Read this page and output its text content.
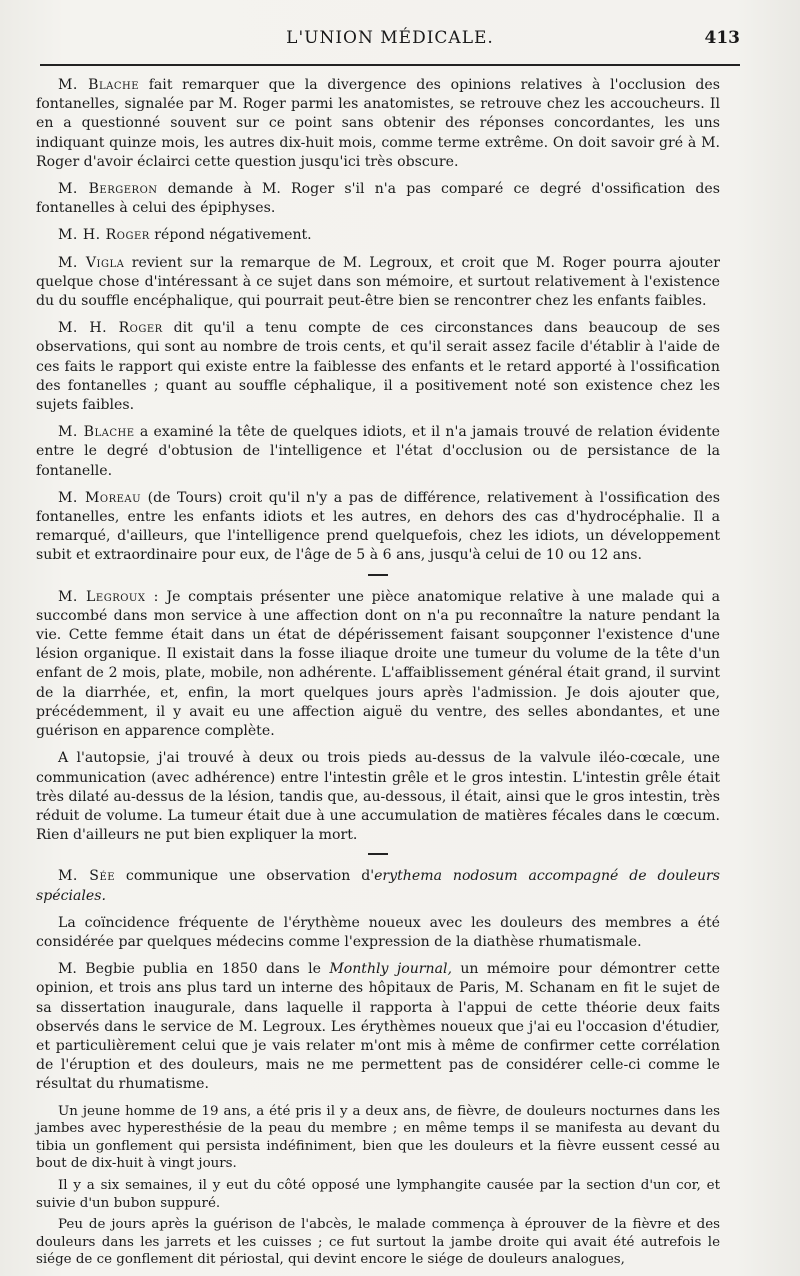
L'UNION MÉDICALE.	413

M. Blache fait remarquer que la divergence des opinions relatives à l'occlusion des fontanelles, signalée par M. Roger parmi les anatomistes, se retrouve chez les accoucheurs. Il en a questionné souvent sur ce point sans obtenir des réponses concordantes, les uns indiquant quinze mois, les autres dix-huit mois, comme terme extrême. On doit savoir gré à M. Roger d'avoir éclairci cette question jusqu'ici très obscure.

M. Bergeron demande à M. Roger s'il n'a pas comparé ce degré d'ossification des fontanelles à celui des épiphyses.

M. H. Roger répond négativement.

M. Vigla revient sur la remarque de M. Legroux, et croit que M. Roger pourra ajouter quelque chose d'intéressant à ce sujet dans son mémoire, et surtout relativement à l'existence du du souffle encéphalique, qui pourrait peut-être bien se rencontrer chez les enfants faibles.

M. H. Roger dit qu'il a tenu compte de ces circonstances dans beaucoup de ses observations, qui sont au nombre de trois cents, et qu'il serait assez facile d'établir à l'aide de ces faits le rapport qui existe entre la faiblesse des enfants et le retard apporté à l'ossification des fontanelles ; quant au souffle céphalique, il a positivement noté son existence chez les sujets faibles.

M. Blache a examiné la tête de quelques idiots, et il n'a jamais trouvé de relation évidente entre le degré d'obtusion de l'intelligence et l'état d'occlusion ou de persistance de la fontanelle.

M. Moreau (de Tours) croit qu'il n'y a pas de différence, relativement à l'ossification des fontanelles, entre les enfants idiots et les autres, en dehors des cas d'hydrocéphalie. Il a remarqué, d'ailleurs, que l'intelligence prend quelquefois, chez les idiots, un développement subit et extraordinaire pour eux, de l'âge de 5 à 6 ans, jusqu'à celui de 10 ou 12 ans.

M. Legroux : Je comptais présenter une pièce anatomique relative à une malade qui a succombé dans mon service à une affection dont on n'a pu reconnaître la nature pendant la vie. Cette femme était dans un état de dépérissement faisant soupçonner l'existence d'une lésion organique. Il existait dans la fosse iliaque droite une tumeur du volume de la tête d'un enfant de 2 mois, plate, mobile, non adhérente. L'affaiblissement général était grand, il survint de la diarrhée, et, enfin, la mort quelques jours après l'admission. Je dois ajouter que, précédemment, il y avait eu une affection aiguë du ventre, des selles abondantes, et une guérison en apparence complète.

A l'autopsie, j'ai trouvé à deux ou trois pieds au-dessus de la valvule iléo-cœcale, une communication (avec adhérence) entre l'intestin grêle et le gros intestin. L'intestin grêle était très dilaté au-dessus de la lésion, tandis que, au-dessous, il était, ainsi que le gros intestin, très réduit de volume. La tumeur était due à une accumulation de matières fécales dans le cœcum. Rien d'ailleurs ne put bien expliquer la mort.

M. Sée communique une observation d'erythema nodosum accompagné de douleurs spéciales.

La coïncidence fréquente de l'érythème noueux avec les douleurs des membres a été considérée par quelques médecins comme l'expression de la diathèse rhumatismale.

M. Begbie publia en 1850 dans le Monthly journal, un mémoire pour démontrer cette opinion, et trois ans plus tard un interne des hôpitaux de Paris, M. Schanam en fit le sujet de sa dissertation inaugurale, dans laquelle il rapporta à l'appui de cette théorie deux faits observés dans le service de M. Legroux. Les érythèmes noueux que j'ai eu l'occasion d'étudier, et particulièrement celui que je vais relater m'ont mis à même de confirmer cette corrélation de l'éruption et des douleurs, mais ne me permettent pas de considérer celle-ci comme le résultat du rhumatisme.

Un jeune homme de 19 ans, a été pris il y a deux ans, de fièvre, de douleurs nocturnes dans les jambes avec hyperesthésie de la peau du membre ; en même temps il se manifesta au devant du tibia un gonflement qui persista indéfiniment, bien que les douleurs et la fièvre eussent cessé au bout de dix-huit à vingt jours.

Il y a six semaines, il y eut du côté opposé une lymphangite causée par la section d'un cor, et suivie d'un bubon suppuré.

Peu de jours après la guérison de l'abcès, le malade commença à éprouver de la fièvre et des douleurs dans les jarrets et les cuisses ; ce fut surtout la jambe droite qui avait été autrefois le siége de ce gonflement dit périostal, qui devint encore le siége de douleurs analogues,
